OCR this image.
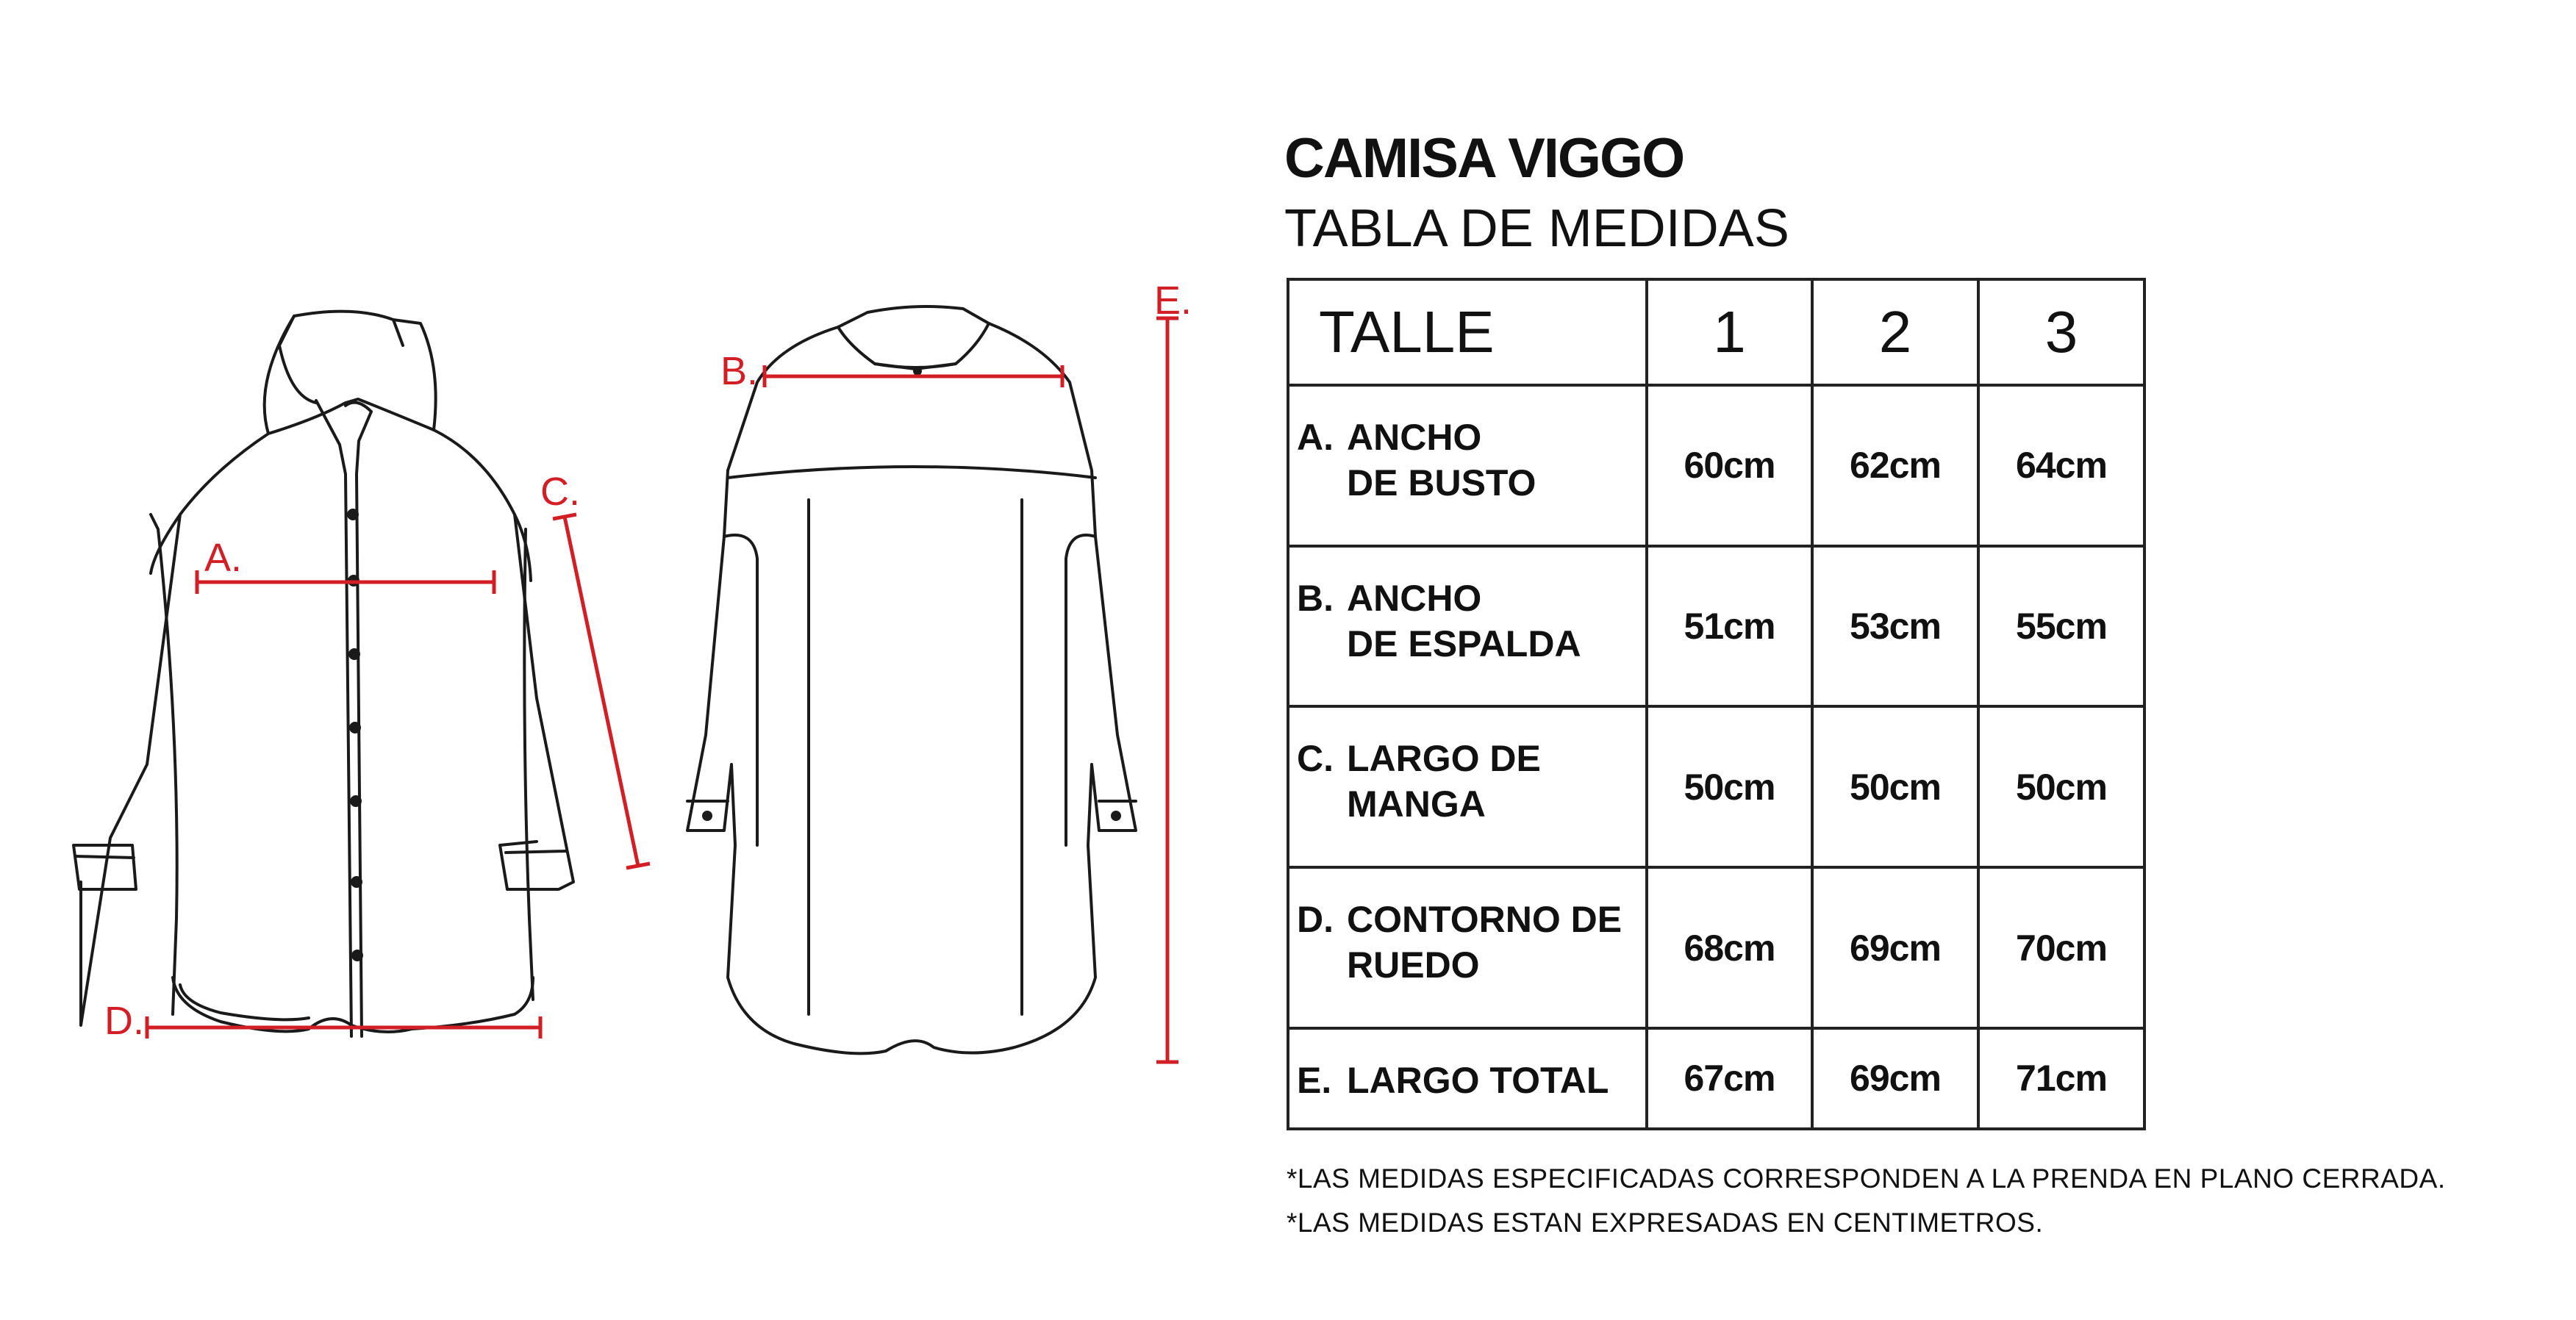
A.
B.
C.
D.
E.
CAMISA VIGGO
TABLA DE MEDIDAS
TALLE	1	2	3
A. ANCHO
DE BUSTO	60cm	62cm	64cm
B. ANCHO
DE ESPALDA	51cm	53cm	55cm
C. LARGO DE
MANGA	50cm	50cm	50cm
D. CONTORNO DE
RUEDO	68cm	69cm	70cm
E. LARGO TOTAL	67cm	69cm	71cm
*LAS MEDIDAS ESPECIFICADAS CORRESPONDEN A LA PRENDA EN PLANO CERRADA.
*LAS MEDIDAS ESTAN EXPRESADAS EN CENTIMETROS.
